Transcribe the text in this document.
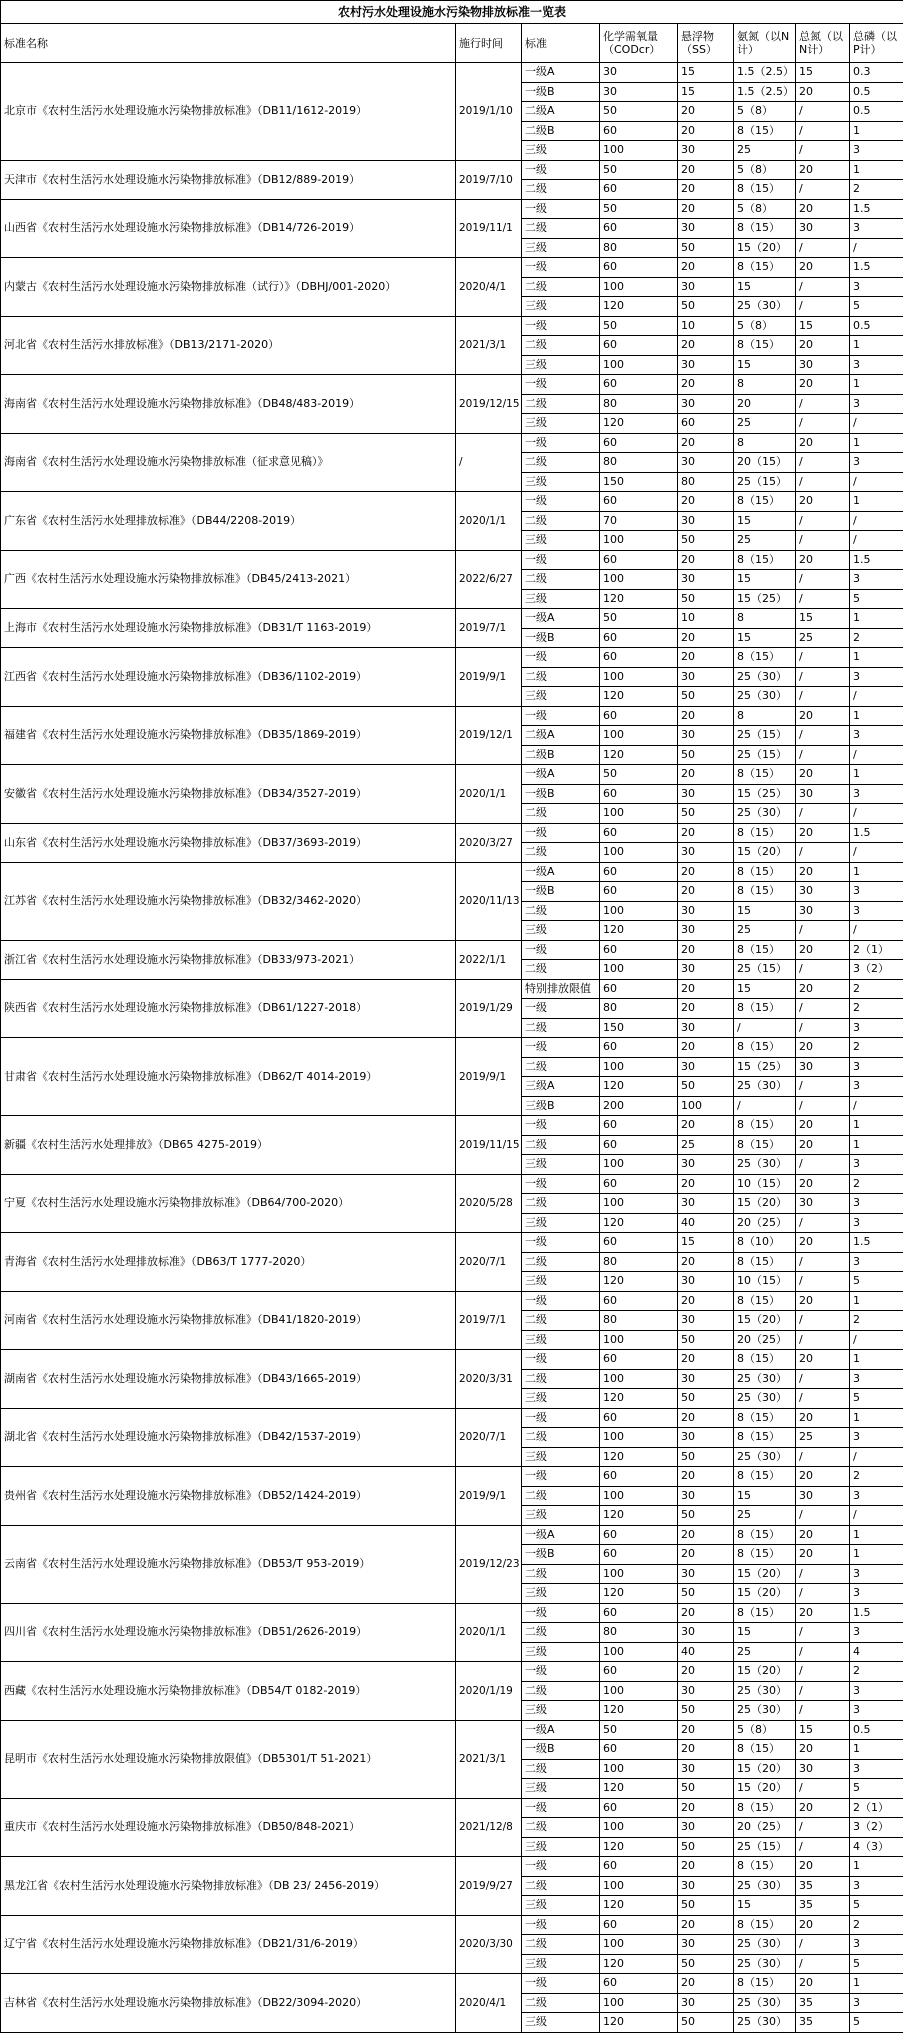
农村污水处理设施水污染物排放标准一览表							
标准名称	施行时间	标准	化学需氧量（CODcr）	悬浮物（SS）	氨氮（以N计）	总氮（以N计）	总磷（以P计）
北京市《农村生活污水处理设施水污染物排放标准》（DB11/1612-2019）	2019/1/10	一级A	30	15	1.5（2.5）	15	0.3
		一级B	30	15	1.5（2.5）	20	0.5
		二级A	50	20	5（8）	/	0.5
		二级B	60	20	8（15）	/	1
		三级	100	30	25	/	3
天津市《农村生活污水处理设施水污染物排放标准》（DB12/889-2019）	2019/7/10	一级	50	20	5（8）	20	1
		二级	60	20	8（15）	/	2
山西省《农村生活污水处理设施水污染物排放标准》（DB14/726-2019）	2019/11/1	一级	50	20	5（8）	20	1.5
		二级	60	30	8（15）	30	3
		三级	80	50	15（20）	/	/
内蒙古《农村生活污水处理设施水污染物排放标准（试行）》（DBHJ/001-2020）	2020/4/1	一级	60	20	8（15）	20	1.5
		二级	100	30	15	/	3
		三级	120	50	25（30）	/	5
河北省《农村生活污水排放标准》（DB13/2171-2020）	2021/3/1	一级	50	10	5（8）	15	0.5
		二级	60	20	8（15）	20	1
		三级	100	30	15	30	3
海南省《农村生活污水处理设施水污染物排放标准》（DB48/483-2019）	2019/12/15	一级	60	20	8	20	1
		二级	80	30	20	/	3
		三级	120	60	25	/	/
海南省《农村生活污水处理设施水污染物排放标准（征求意见稿）》	/	一级	60	20	8	20	1
		二级	80	30	20（15）	/	3
		三级	150	80	25（15）	/	/
广东省《农村生活污水处理排放标准》（DB44/2208-2019）	2020/1/1	一级	60	20	8（15）	20	1
		二级	70	30	15	/	/
		三级	100	50	25	/	/
广西《农村生活污水处理设施水污染物排放标准》（DB45/2413-2021）	2022/6/27	一级	60	20	8（15）	20	1.5
		二级	100	30	15	/	3
		三级	120	50	15（25）	/	5
上海市《农村生活污水处理设施水污染物排放标准》（DB31/T 1163-2019）	2019/7/1	一级A	50	10	8	15	1
		一级B	60	20	15	25	2
江西省《农村生活污水处理设施水污染物排放标准》（DB36/1102-2019）	2019/9/1	一级	60	20	8（15）	/	1
		二级	100	30	25（30）	/	3
		三级	120	50	25（30）	/	/
福建省《农村生活污水处理设施水污染物排放标准》（DB35/1869-2019）	2019/12/1	一级	60	20	8	20	1
		二级A	100	30	25（15）	/	3
		二级B	120	50	25（15）	/	/
安徽省《农村生活污水处理设施水污染物排放标准》（DB34/3527-2019）	2020/1/1	一级A	50	20	8（15）	20	1
		一级B	60	30	15（25）	30	3
		二级	100	50	25（30）	/	/
山东省《农村生活污水处理设施水污染物排放标准》（DB37/3693-2019）	2020/3/27	一级	60	20	8（15）	20	1.5
		二级	100	30	15（20）	/	/
江苏省《农村生活污水处理设施水污染物排放标准》（DB32/3462-2020）	2020/11/13	一级A	60	20	8（15）	20	1
		一级B	60	20	8（15）	30	3
		二级	100	30	15	30	3
		三级	120	30	25	/	/
浙江省《农村生活污水处理设施水污染物排放标准》（DB33/973-2021）	2022/1/1	一级	60	20	8（15）	20	2（1）
		二级	100	30	25（15）	/	3（2）
陕西省《农村生活污水处理设施水污染物排放标准》（DB61/1227-2018）	2019/1/29	特别排放限值	60	20	15	20	2
		一级	80	20	8（15）	/	2
		二级	150	30	/	/	3
甘肃省《农村生活污水处理设施水污染物排放标准》（DB62/T 4014-2019）	2019/9/1	一级	60	20	8（15）	20	2
		二级	100	30	15（25）	30	3
		三级A	120	50	25（30）	/	3
		三级B	200	100	/	/	/
新疆《农村生活污水处理排放》（DB65 4275-2019）	2019/11/15	一级	60	20	8（15）	20	1
		二级	60	25	8（15）	20	1
		三级	100	30	25（30）	/	3
宁夏《农村生活污水处理设施水污染物排放标准》（DB64/700-2020）	2020/5/28	一级	60	20	10（15）	20	2
		二级	100	30	15（20）	30	3
		三级	120	40	20（25）	/	3
青海省《农村生活污水处理排放标准》（DB63/T 1777-2020）	2020/7/1	一级	60	15	8（10）	20	1.5
		二级	80	20	8（15）	/	3
		三级	120	30	10（15）	/	5
河南省《农村生活污水处理设施水污染物排放标准》（DB41/1820-2019）	2019/7/1	一级	60	20	8（15）	20	1
		二级	80	30	15（20）	/	2
		三级	100	50	20（25）	/	/
湖南省《农村生活污水处理设施水污染物排放标准》（DB43/1665-2019）	2020/3/31	一级	60	20	8（15）	20	1
		二级	100	30	25（30）	/	3
		三级	120	50	25（30）	/	5
湖北省《农村生活污水处理设施水污染物排放标准》（DB42/1537-2019）	2020/7/1	一级	60	20	8（15）	20	1
		二级	100	30	8（15）	25	3
		三级	120	50	25（30）	/	/
贵州省《农村生活污水处理设施水污染物排放标准》（DB52/1424-2019）	2019/9/1	一级	60	20	8（15）	20	2
		二级	100	30	15	30	3
		三级	120	50	25	/	/
云南省《农村生活污水处理设施水污染物排放标准》（DB53/T 953-2019）	2019/12/23	一级A	60	20	8（15）	20	1
		一级B	60	20	8（15）	20	1
		二级	100	30	15（20）	/	3
		三级	120	50	15（20）	/	3
四川省《农村生活污水处理设施水污染物排放标准》（DB51/2626-2019）	2020/1/1	一级	60	20	8（15）	20	1.5
		二级	80	30	15	/	3
		三级	100	40	25	/	4
西藏《农村生活污水处理设施水污染物排放标准》（DB54/T 0182-2019）	2020/1/19	一级	60	20	15（20）	/	2
		二级	100	30	25（30）	/	3
		三级	120	50	25（30）	/	3
昆明市《农村生活污水处理设施水污染物排放限值》（DB5301/T 51-2021）	2021/3/1	一级A	50	20	5（8）	15	0.5
		一级B	60	20	8（15）	20	1
		二级	100	30	15（20）	30	3
		三级	120	50	15（20）	/	5
重庆市《农村生活污水处理设施水污染物排放标准》（DB50/848-2021）	2021/12/8	一级	60	20	8（15）	20	2（1）
		二级	100	30	20（25）	/	3（2）
		三级	120	50	25（15）	/	4（3）
黑龙江省《农村生活污水处理设施水污染物排放标准》（DB 23/ 2456-2019）	2019/9/27	一级	60	20	8（15）	20	1
		二级	100	30	25（30）	35	3
		三级	120	50	15	35	5
辽宁省《农村生活污水处理设施水污染物排放标准》（DB21/31/6-2019）	2020/3/30	一级	60	20	8（15）	20	2
		二级	100	30	25（30）	/	3
		三级	120	50	25（30）	/	5
吉林省《农村生活污水处理设施水污染物排放标准》（DB22/3094-2020）	2020/4/1	一级	60	20	8（15）	20	1
		二级	100	30	25（30）	35	3
		三级	120	50	25（30）	35	5
